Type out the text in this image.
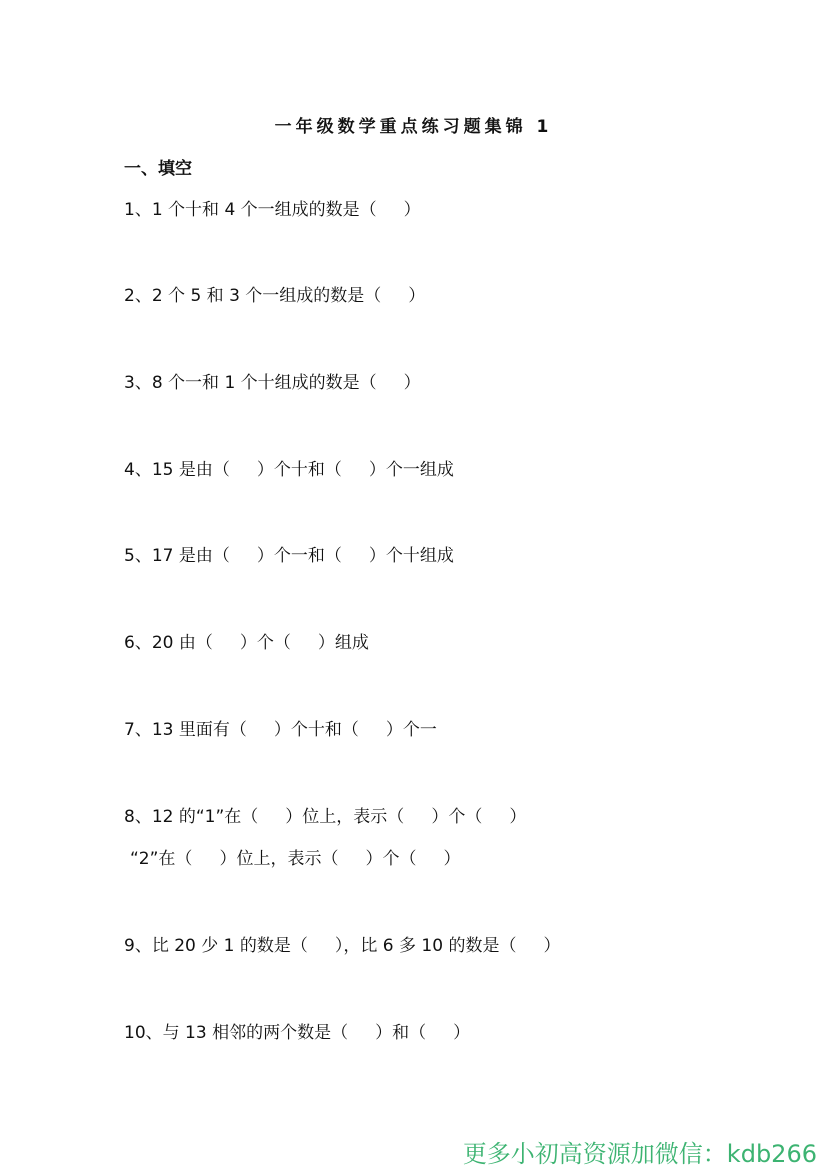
一年级数学重点练习题集锦 1
一、填空
1、1 个十和 4 个一组成的数是（     ）
2、2 个 5 和 3 个一组成的数是（     ）
3、8 个一和 1 个十组成的数是（     ）
4、15 是由（     ）个十和（     ）个一组成
5、17 是由（     ）个一和（     ）个十组成
6、20 由（     ）个（     ）组成
7、13 里面有（     ）个十和（     ）个一
8、12 的“1”在（     ）位上，表示（     ）个（     ）
“2”在（     ）位上，表示（     ）个（     ）
9、比 20 少 1 的数是（     ），比 6 多 10 的数是（     ）
10、与 13 相邻的两个数是（     ）和（     ）
更多小初高资源加微信：kdb266
